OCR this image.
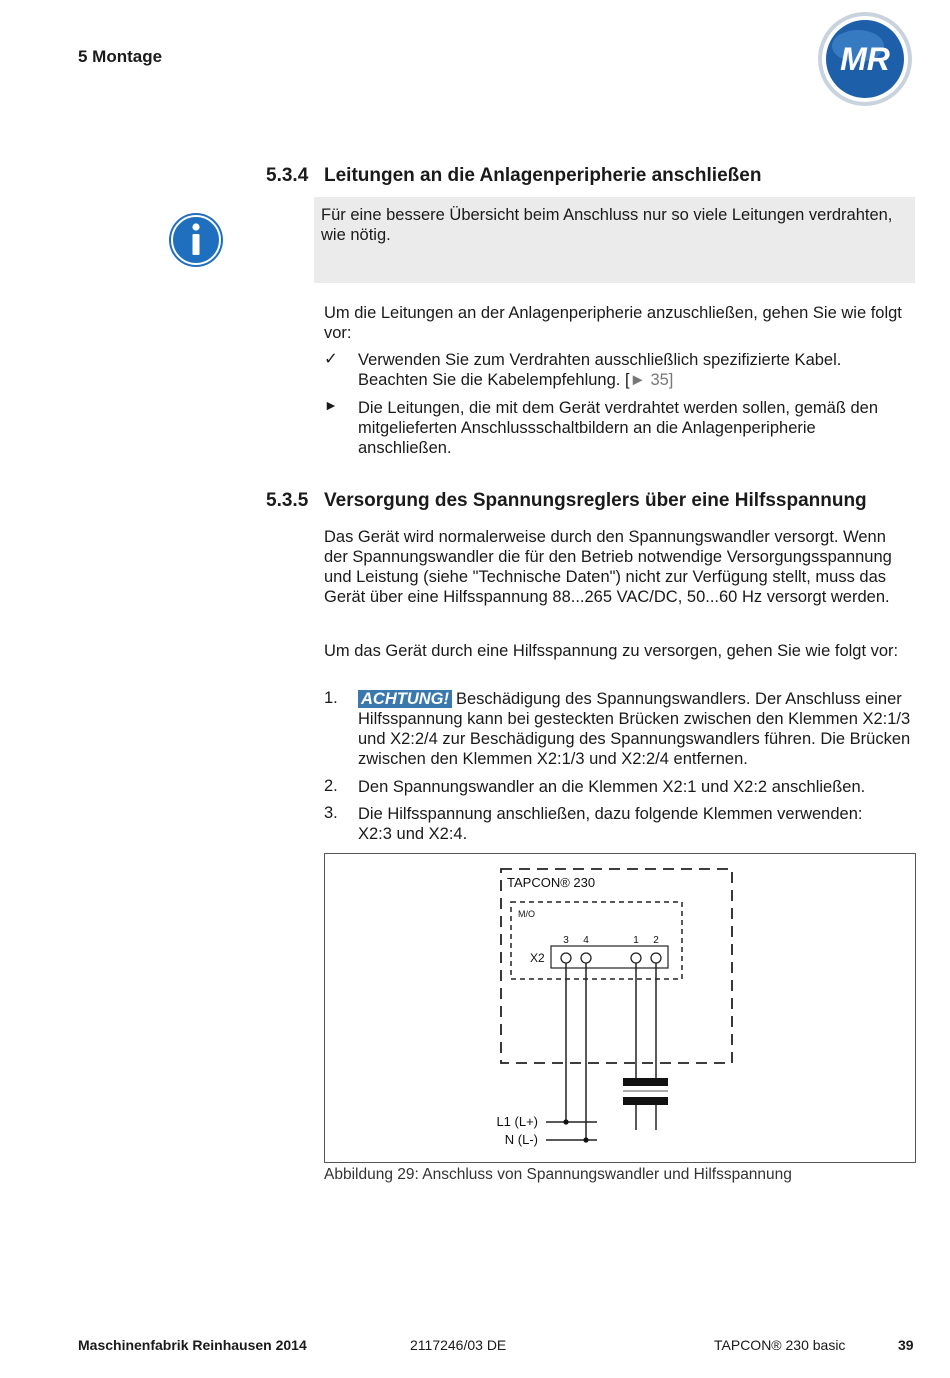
5 Montage	MR
5.3.4 Leitungen an die Anlagenperipherie anschließen
Für eine bessere Übersicht beim Anschluss nur so viele Leitungen verdrahten, wie nötig.
Um die Leitungen an der Anlagenperipherie anzuschließen, gehen Sie wie folgt vor:
✓	Verwenden Sie zum Verdrahten ausschließlich spezifizierte Kabel. Beachten Sie die Kabelempfehlung. [► 35]
►	Die Leitungen, die mit dem Gerät verdrahtet werden sollen, gemäß den mitgelieferten Anschlussschaltbildern an die Anlagenperipherie anschließen.
5.3.5 Versorgung des Spannungsreglers über eine Hilfsspannung
Das Gerät wird normalerweise durch den Spannungswandler versorgt. Wenn der Spannungswandler die für den Betrieb notwendige Versorgungsspannung und Leistung (siehe "Technische Daten") nicht zur Verfügung stellt, muss das Gerät über eine Hilfsspannung 88...265 VAC/DC, 50...60 Hz versorgt werden.
Um das Gerät durch eine Hilfsspannung zu versorgen, gehen Sie wie folgt vor:
1.	ACHTUNG! Beschädigung des Spannungswandlers. Der Anschluss einer Hilfsspannung kann bei gesteckten Brücken zwischen den Klemmen X2:1/3 und X2:2/4 zur Beschädigung des Spannungswandlers führen. Die Brücken zwischen den Klemmen X2:1/3 und X2:2/4 entfernen.
2.	Den Spannungswandler an die Klemmen X2:1 und X2:2 anschließen.
3.	Die Hilfsspannung anschließen, dazu folgende Klemmen verwenden: X2:3 und X2:4.
TAPCON® 230
M/O
X2
3 4	1 2
L1 (L+)
N (L-)
Abbildung 29: Anschluss von Spannungswandler und Hilfsspannung
Maschinenfabrik Reinhausen 2014	2117246/03 DE	TAPCON® 230 basic	39
